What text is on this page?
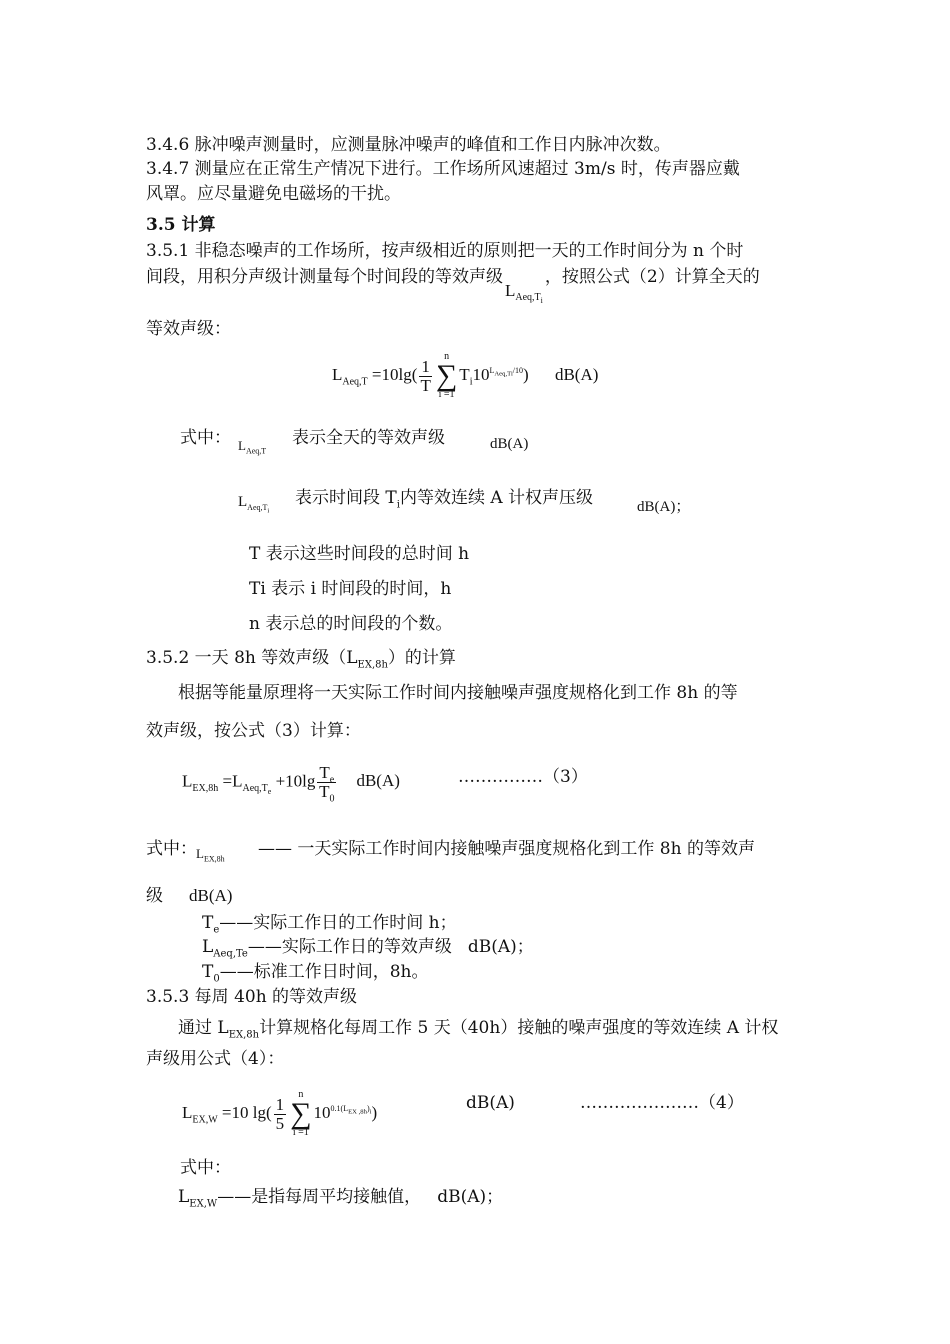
3.4.6 脉冲噪声测量时，应测量脉冲噪声的峰值和工作日内脉冲次数。
3.4.7 测量应在正常生产情况下进行。工作场所风速超过 3m/s 时，传声器应戴
风罩。应尽量避免电磁场的干扰。
3.5 计算
3.5.1 非稳态噪声的工作场所，按声级相近的原则把一天的工作时间分为 n 个时
间段，用积分声级计测量每个时间段的等效声级$L_{Aeq,T_i}$，按照公式（2）计算全天的
等效声级：
$L_{Aeq,T} =10\lg( \frac{1}{T}$
n
∑
i =1
$T_i10^{L_{Aeq,Ti}/10}$) dB(A)
式中： $L_{Aeq,T}$
表示全天的等效声级	dB(A)
$L_{Aeq,T_i}$
表示时间段 $T_i$内等效连续 A 计权声压级	dB(A)；
T 表示这些时间段的总时间 h
Ti 表示 i 时间段的时间，h
n 表示总的时间段的个数。
3.5.2 一天 8h 等效声级$(L_{EX,8h})$的计算
根据等能量原理将一天实际工作时间内接触噪声强度规格化到工作 8h 的等
效声级，按公式（3）计算：
$L_{EX,8h} =L_{Aeq,T_e} +10\lg \frac{T_e}{T_0} dB(A)$	……………（3）
式中： $L_{EX,8h}$
—— 一天实际工作时间内接触噪声强度规格化到工作 8h 的等效声
级 dB(A)
$T_e——$实际工作日的工作时间 h；
$L_{Aeq,Te}——$实际工作日的等效声级 dB(A)；
$T_0——$标准工作日时间，8h。
3.5.3 每周 40h 的等效声级
通过 $L_{EX,8h}$计算规格化每周工作 5 天（40h）接触的噪声强度的等效连续 A 计权
声级用公式（4）：
$L_{EX,W} =10$ $\lg( \frac{1}{5}$
n
∑
i =1
$10^{0.1(L_{EX ,8h})_i}$)	dB(A)	…………………（4）
式中：
$L_{EX,W}——$是指每周平均接触值， dB(A)；
